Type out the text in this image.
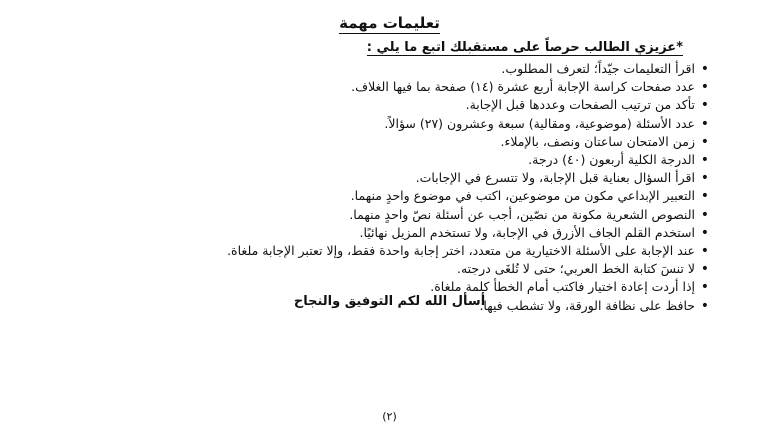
تعليمات مهمة
*عزيزي الطالب حرصاً على مستقبلك اتبع ما يلي :
• اقرأ التعليمات جيّداً؛ لتعرف المطلوب.
• عدد صفحات كراسة الإجابة أربع عشرة (١٤) صفحة بما فيها الغلاف.
• تأكد من ترتيب الصفحات وعددها قبل الإجابة.
• عدد الأسئلة (موضوعية، ومقالية) سبعة وعشرون (٢٧) سؤالاً.
• زمن الامتحان ساعتان ونصف، بالإملاء.
• الدرجة الكلية أربعون (٤٠) درجة.
• اقرأ السؤال بعناية قبل الإجابة، ولا تتسرع في الإجابات.
• التعبير الإبداعي مكون من موضوعين، اكتب في موضوع واحدٍ منهما.
• النصوص الشعرية مكونة من نصّين، أجب عن أسئلة نصّ واحدٍ منهما.
• استخدم القلم الجاف الأزرق في الإجابة، ولا تستخدم المزيل نهائيًا.
• عند الإجابة على الأسئلة الاختيارية من متعدد، اختر إجابة واحدة فقط، وإلا تعتبر الإجابة ملغاة.
• لا تنسَ كتابة الخط العربي؛ حتى لا تُلغَى درجته.
• إذا أردت إعادة اختيار فاكتب أمام الخطأ كلمة ملغاة.
• حافظ على نظافة الورقة، ولا تشطب فيها.
أسأل الله لكم التوفيق والنجاح
(٢)
